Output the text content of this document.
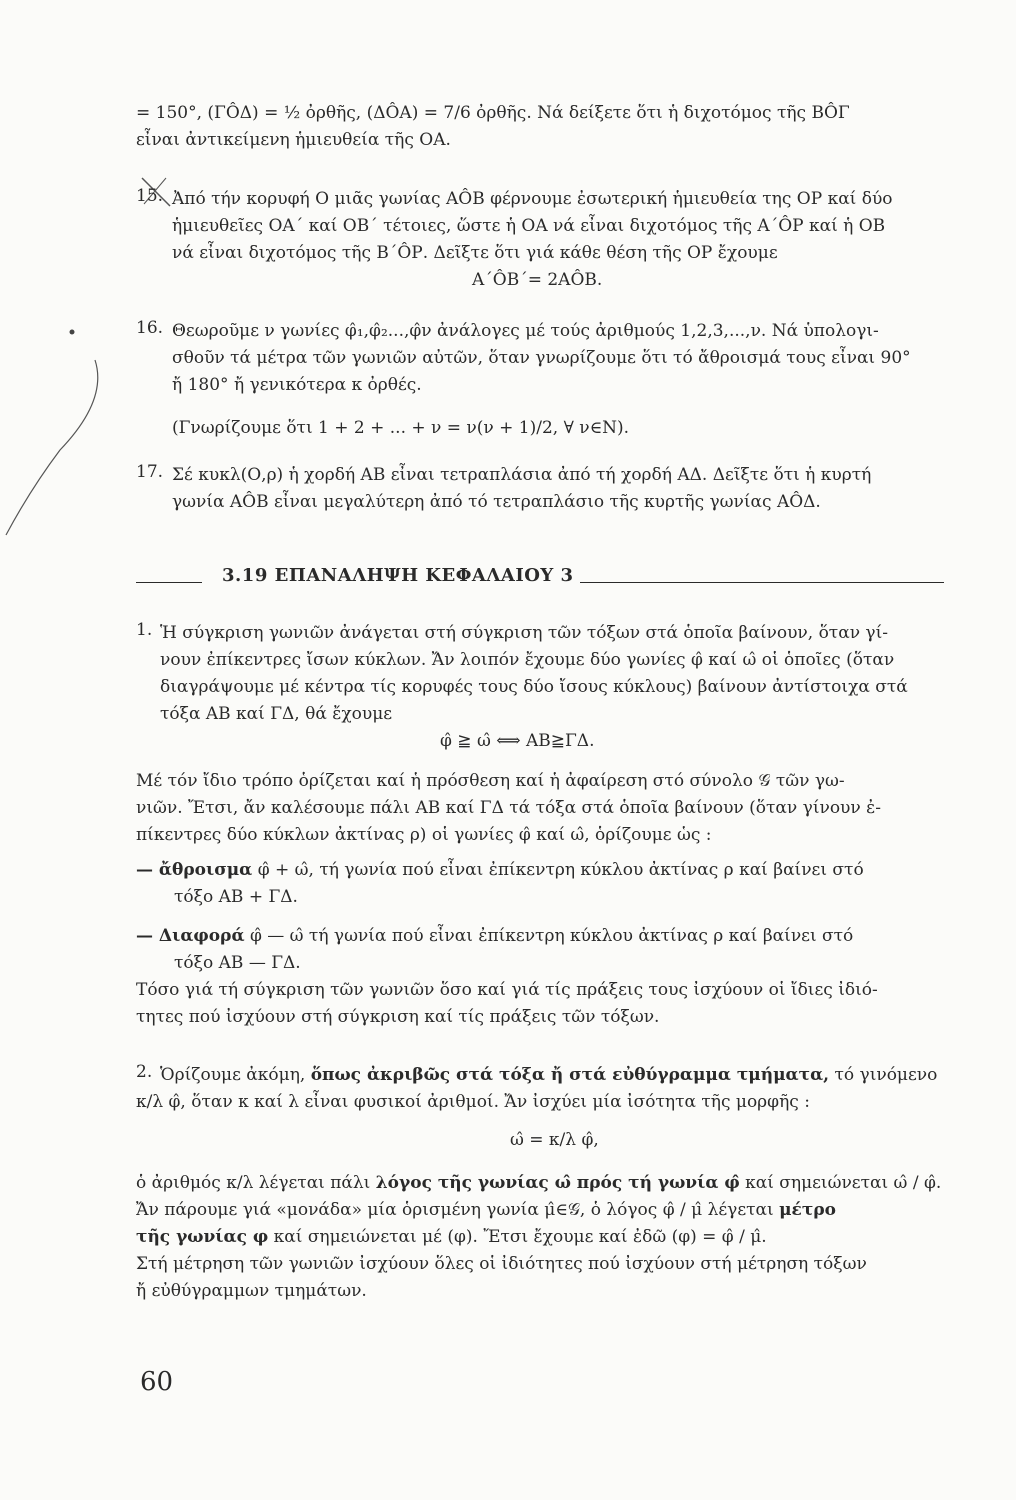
= 150°, (ΓÔΔ) = ½ ὀρθῆς, (ΔÔΑ) = 7/6 ὀρθῆς. Νά δείξετε ὅτι ἡ διχοτόμος τῆς ΒÔΓ
εἶναι ἀντικείμενη ἡμιευθεία τῆς ΟΑ.
15. Ἀπό τήν κορυφή Ο μιᾶς γωνίας ΑÔΒ φέρνουμε ἐσωτερική ἡμιευθεία της ΟΡ καί δύο
ἡμιευθεῖες ΟΑ΄ καί ΟΒ΄ τέτοιες, ὥστε ἡ ΟΑ νά εἶναι διχοτόμος τῆς Α΄ÔΡ καί ἡ ΟΒ
νά εἶναι διχοτόμος τῆς Β΄ÔΡ. Δεῖξτε ὅτι γιά κάθε θέση τῆς ΟΡ ἔχουμε
Α΄ÔΒ΄= 2ΑÔΒ.
16. Θεωροῦμε ν γωνίες φ̂₁,φ̂₂...,φ̂ν ἀνάλογες μέ τούς ἀριθμούς 1,2,3,...,ν. Νά ὑπολογι-
σθοῦν τά μέτρα τῶν γωνιῶν αὐτῶν, ὅταν γνωρίζουμε ὅτι τό ἄθροισμά τους εἶναι 90°
ἤ 180° ἤ γενικότερα κ ὀρθές.
(Γνωρίζουμε ὅτι 1 + 2 + ... + ν = ν(ν + 1)/2, ∀ ν∈Ν).
17. Σέ κυκλ(Ο,ρ) ἡ χορδή ΑΒ εἶναι τετραπλάσια ἀπό τή χορδή ΑΔ. Δεῖξτε ὅτι ἡ κυρτή
γωνία ΑÔΒ εἶναι μεγαλύτερη ἀπό τό τετραπλάσιο τῆς κυρτῆς γωνίας ΑÔΔ.
3.19 ΕΠΑΝΑΛΗΨΗ ΚΕΦΑΛΑΙΟΥ 3
1. Ἡ σύγκριση γωνιῶν ἀνάγεται στή σύγκριση τῶν τόξων στά ὁποῖα βαίνουν, ὅταν γί-
νουν ἐπίκεντρες ἴσων κύκλων. Ἄν λοιπόν ἔχουμε δύο γωνίες φ̂ καί ω̂ οἱ ὁποῖες (ὅταν
διαγράψουμε μέ κέντρα τίς κορυφές τους δύο ἴσους κύκλους) βαίνουν ἀντίστοιχα στά
τόξα ΑΒ καί ΓΔ, θά ἔχουμε
φ̂ ≧ ω̂ ⟺ ΑΒ≧ΓΔ.
Μέ τόν ἴδιο τρόπο ὁρίζεται καί ἡ πρόσθεση καί ἡ ἀφαίρεση στό σύνολο 𝒢 τῶν γω-
νιῶν. Ἔτσι, ἄν καλέσουμε πάλι ΑΒ καί ΓΔ τά τόξα στά ὁποῖα βαίνουν (ὅταν γίνουν ἐ-
πίκεντρες δύο κύκλων ἀκτίνας ρ) οἱ γωνίες φ̂ καί ω̂, ὁρίζουμε ὡς :
— ἄθροισμα φ̂ + ω̂, τή γωνία πού εἶναι ἐπίκεντρη κύκλου ἀκτίνας ρ καί βαίνει στό
τόξο ΑΒ + ΓΔ.
— Διαφορά φ̂ — ω̂ τή γωνία πού εἶναι ἐπίκεντρη κύκλου ἀκτίνας ρ καί βαίνει στό
τόξο ΑΒ — ΓΔ.
Τόσο γιά τή σύγκριση τῶν γωνιῶν ὅσο καί γιά τίς πράξεις τους ἰσχύουν οἱ ἴδιες ἰδιό-
τητες πού ἰσχύουν στή σύγκριση καί τίς πράξεις τῶν τόξων.
2. Ὁρίζουμε ἀκόμη, ὅπως ἀκριβῶς στά τόξα ἤ στά εὐθύγραμμα τμήματα, τό γινόμενο
κ/λ φ̂, ὅταν κ καί λ εἶναι φυσικοί ἀριθμοί. Ἄν ἰσχύει μία ἰσότητα τῆς μορφῆς :
ω̂ = κ/λ φ̂,
ὁ ἀριθμός κ/λ λέγεται πάλι λόγος τῆς γωνίας ω̂ πρός τή γωνία φ̂ καί σημειώνεται ω̂ / φ̂.
Ἄν πάρουμε γιά «μονάδα» μία ὁρισμένη γωνία μ̂∈𝒢, ὁ λόγος φ̂ / μ̂ λέγεται μέτρο
τῆς γωνίας φ καί σημειώνεται μέ (φ). Ἔτσι ἔχουμε καί ἐδῶ (φ) = φ̂ / μ̂.
Στή μέτρηση τῶν γωνιῶν ἰσχύουν ὅλες οἱ ἰδιότητες πού ἰσχύουν στή μέτρηση τόξων
ἤ εὐθύγραμμων τμημάτων.
60
